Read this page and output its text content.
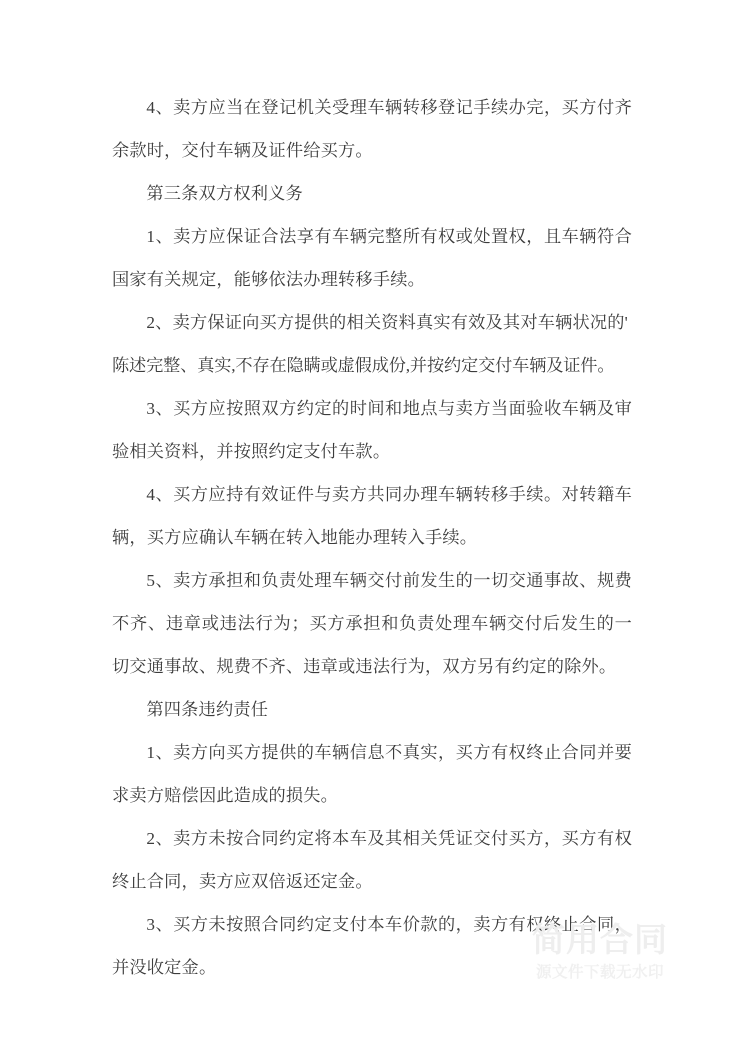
4、卖方应当在登记机关受理车辆转移登记手续办完，买方付齐余款时，交付车辆及证件给买方。

第三条双方权利义务

1、卖方应保证合法享有车辆完整所有权或处置权，且车辆符合国家有关规定，能够依法办理转移手续。

2、卖方保证向买方提供的相关资料真实有效及其对车辆状况的'

陈述完整、真实,不存在隐瞒或虚假成份,并按约定交付车辆及证件。

3、买方应按照双方约定的时间和地点与卖方当面验收车辆及审验相关资料，并按照约定支付车款。

4、买方应持有效证件与卖方共同办理车辆转移手续。对转籍车辆，买方应确认车辆在转入地能办理转入手续。

5、卖方承担和负责处理车辆交付前发生的一切交通事故、规费不齐、违章或违法行为；买方承担和负责处理车辆交付后发生的一切交通事故、规费不齐、违章或违法行为，双方另有约定的除外。

第四条违约责任

1、卖方向买方提供的车辆信息不真实，买方有权终止合同并要求卖方赔偿因此造成的损失。

2、卖方未按合同约定将本车及其相关凭证交付买方，买方有权终止合同，卖方应双倍返还定金。

3、买方未按照合同约定支付本车价款的，卖方有权终止合同，并没收定金。

简用合同
源文件下载无水印
